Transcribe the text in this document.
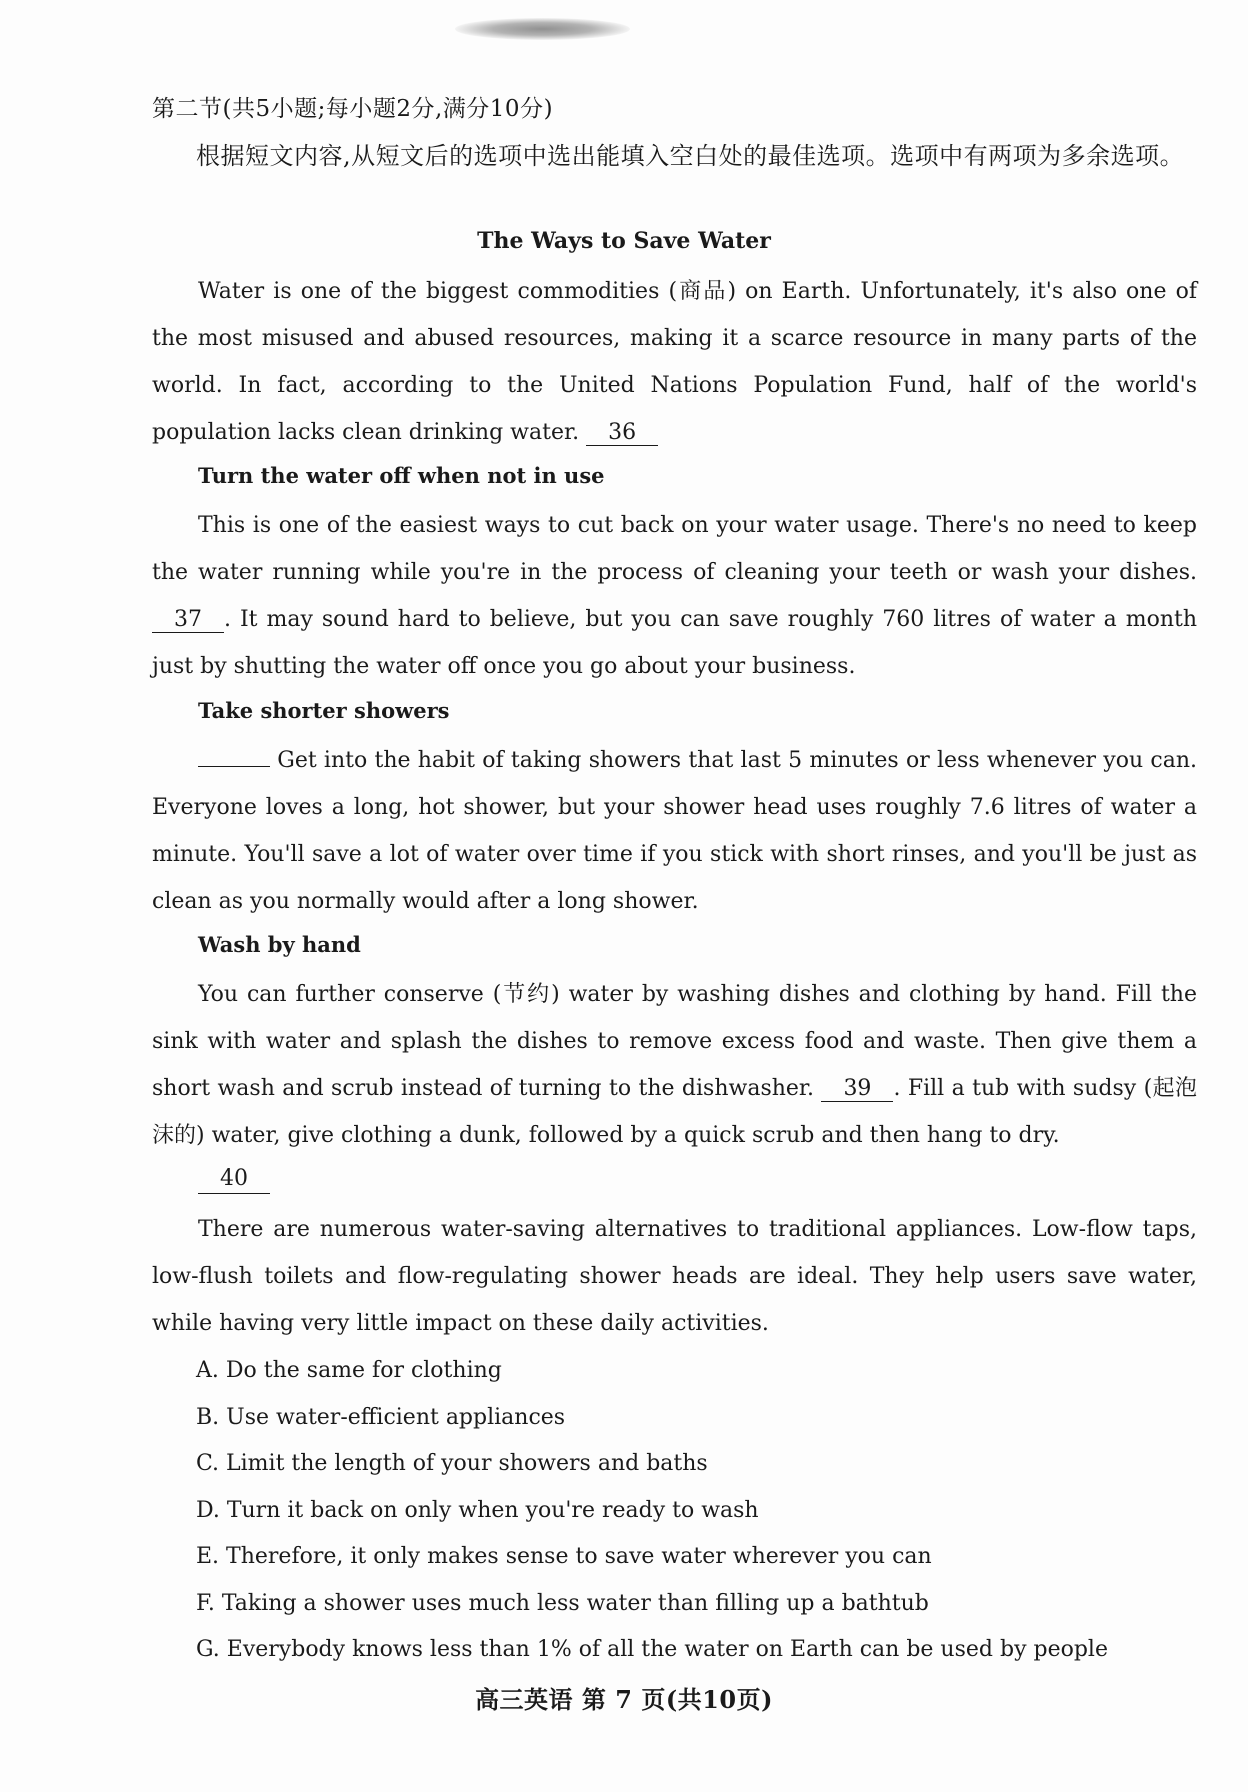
第二节(共5小题;每小题2分,满分10分)
根据短文内容,从短文后的选项中选出能填入空白处的最佳选项。选项中有两项为多余选项。
The Ways to Save Water
Water is one of the biggest commodities (商品) on Earth. Unfortunately, it's also one of the most misused and abused resources, making it a scarce resource in many parts of the world. In fact, according to the United Nations Population Fund, half of the world's population lacks clean drinking water. 36
Turn the water off when not in use
This is one of the easiest ways to cut back on your water usage. There's no need to keep the water running while you're in the process of cleaning your teeth or wash your dishes. 37 . It may sound hard to believe, but you can save roughly 760 litres of water a month just by shutting the water off once you go about your business.
Take shorter showers
Get into the habit of taking showers that last 5 minutes or less whenever you can. Everyone loves a long, hot shower, but your shower head uses roughly 7.6 litres of water a minute. You'll save a lot of water over time if you stick with short rinses, and you'll be just as clean as you normally would after a long shower.
Wash by hand
You can further conserve (节约) water by washing dishes and clothing by hand. Fill the sink with water and splash the dishes to remove excess food and waste. Then give them a short wash and scrub instead of turning to the dishwasher. 39 . Fill a tub with sudsy (起泡沫的) water, give clothing a dunk, followed by a quick scrub and then hang to dry.
40
There are numerous water-saving alternatives to traditional appliances. Low-flow taps, low-flush toilets and flow-regulating shower heads are ideal. They help users save water, while having very little impact on these daily activities.
A. Do the same for clothing
B. Use water-efficient appliances
C. Limit the length of your showers and baths
D. Turn it back on only when you're ready to wash
E. Therefore, it only makes sense to save water wherever you can
F. Taking a shower uses much less water than filling up a bathtub
G. Everybody knows less than 1% of all the water on Earth can be used by people
高三英语 第 7 页(共10页)
